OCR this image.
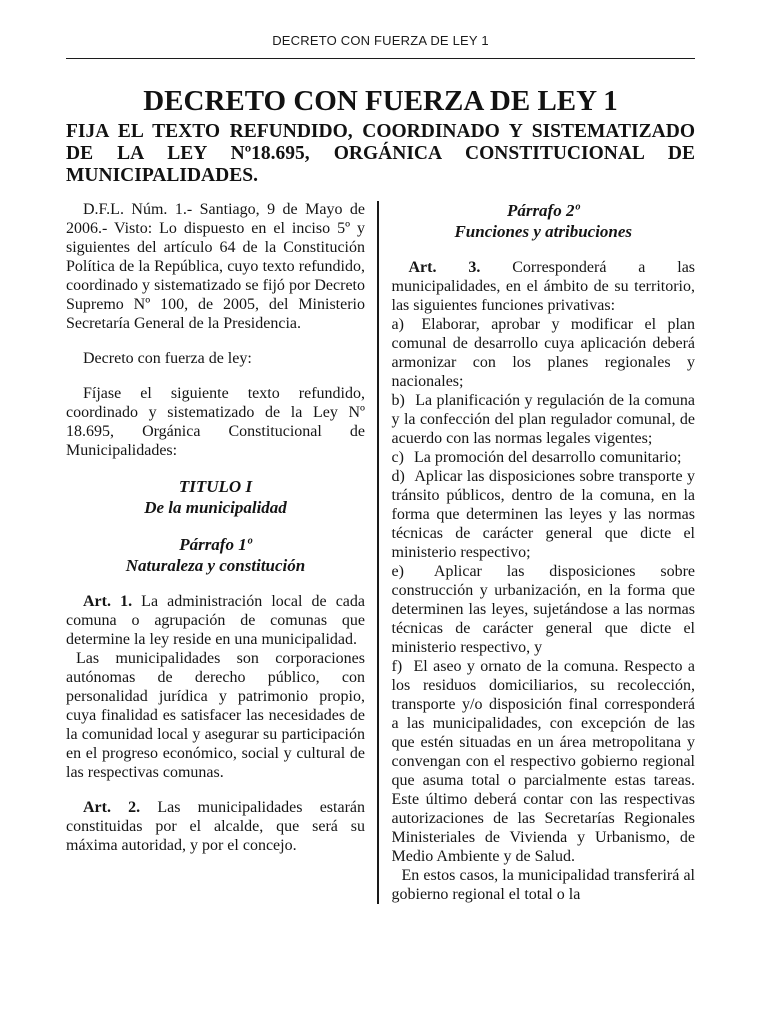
DECRETO CON FUERZA DE LEY 1
DECRETO CON FUERZA DE LEY 1

FIJA EL TEXTO REFUNDIDO, COORDINADO Y SISTEMATIZADO DE LA LEY Nº18.695, ORGÁNICA CONSTITUCIONAL DE MUNICIPALIDADES.

D.F.L. Núm. 1.- Santiago, 9 de Mayo de 2006.- Visto: Lo dispuesto en el inciso 5º y siguientes del artículo 64 de la Constitución Política de la República, cuyo texto refundido, coordinado y sistematizado se fijó por Decreto Supremo Nº 100, de 2005, del Ministerio Secretaría General de la Presidencia.

Decreto con fuerza de ley:

Fíjase el siguiente texto refundido, coordinado y sistematizado de la Ley Nº 18.695, Orgánica Constitucional de Municipalidades:

TITULO I

De la municipalidad

Párrafo 1º

Naturaleza y constitución

Art. 1. La administración local de cada comuna o agrupación de comunas que determine la ley reside en una municipalidad.

Las municipalidades son corporaciones autónomas de derecho público, con personalidad jurídica y patrimonio propio, cuya finalidad es satisfacer las necesidades de la comunidad local y asegurar su participación en el progreso económico, social y cultural de las respectivas comunas.

Art. 2. Las municipalidades estarán constituidas por el alcalde, que será su máxima autoridad, y por el concejo.

Párrafo 2º

Funciones y atribuciones

Art. 3. Corresponderá a las municipalidades, en el ámbito de su territorio, las siguientes funciones privativas:

a) Elaborar, aprobar y modificar el plan comunal de desarrollo cuya aplicación deberá armonizar con los planes regionales y nacionales;

b) La planificación y regulación de la comuna y la confección del plan regulador comunal, de acuerdo con las normas legales vigentes;

c) La promoción del desarrollo comunitario;

d) Aplicar las disposiciones sobre transporte y tránsito públicos, dentro de la comuna, en la forma que determinen las leyes y las normas técnicas de carácter general que dicte el ministerio respectivo;

e) Aplicar las disposiciones sobre construcción y urbanización, en la forma que determinen las leyes, sujetándose a las normas técnicas de carácter general que dicte el ministerio respectivo, y

f) El aseo y ornato de la comuna. Respecto a los residuos domiciliarios, su recolección, transporte y/o disposición final corresponderá a las municipalidades, con excepción de las que estén situadas en un área metropolitana y convengan con el respectivo gobierno regional que asuma total o parcialmente estas tareas. Este último deberá contar con las respectivas autorizaciones de las Secretarías Regionales Ministeriales de Vivienda y Urbanismo, de Medio Ambiente y de Salud.

En estos casos, la municipalidad transferirá al gobierno regional el total o la
